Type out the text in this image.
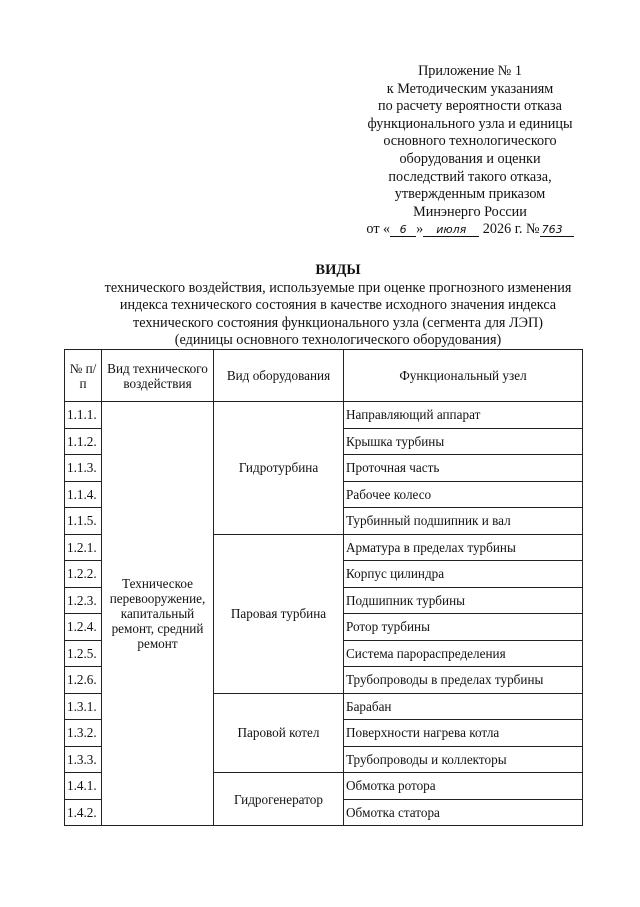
Приложение № 1
к Методическим указаниям
по расчету вероятности отказа
функционального узла и единицы
основного технологического
оборудования и оценки
последствий такого отказа,
утвержденным приказом
Минэнерго России
от « 6 » июля 2026 г. № 763
ВИДЫ
технического воздействия, используемые при оценке прогнозного изменения
индекса технического состояния в качестве исходного значения индекса
технического состояния функционального узла (сегмента для ЛЭП)
(единицы основного технологического оборудования)
№ п/п	Вид технического воздействия	Вид оборудования	Функциональный узел
1.1.1.	Техническое перевооружение, капитальный ремонт, средний ремонт	Гидротурбина	Направляющий аппарат
1.1.2.			Крышка турбины
1.1.3.			Проточная часть
1.1.4.			Рабочее колесо
1.1.5.			Турбинный подшипник и вал
1.2.1.		Паровая турбина	Арматура в пределах турбины
1.2.2.			Корпус цилиндра
1.2.3.			Подшипник турбины
1.2.4.			Ротор турбины
1.2.5.			Система парораспределения
1.2.6.			Трубопроводы в пределах турбины
1.3.1.		Паровой котел	Барабан
1.3.2.			Поверхности нагрева котла
1.3.3.			Трубопроводы и коллекторы
1.4.1.		Гидрогенератор	Обмотка ротора
1.4.2.			Обмотка статора
